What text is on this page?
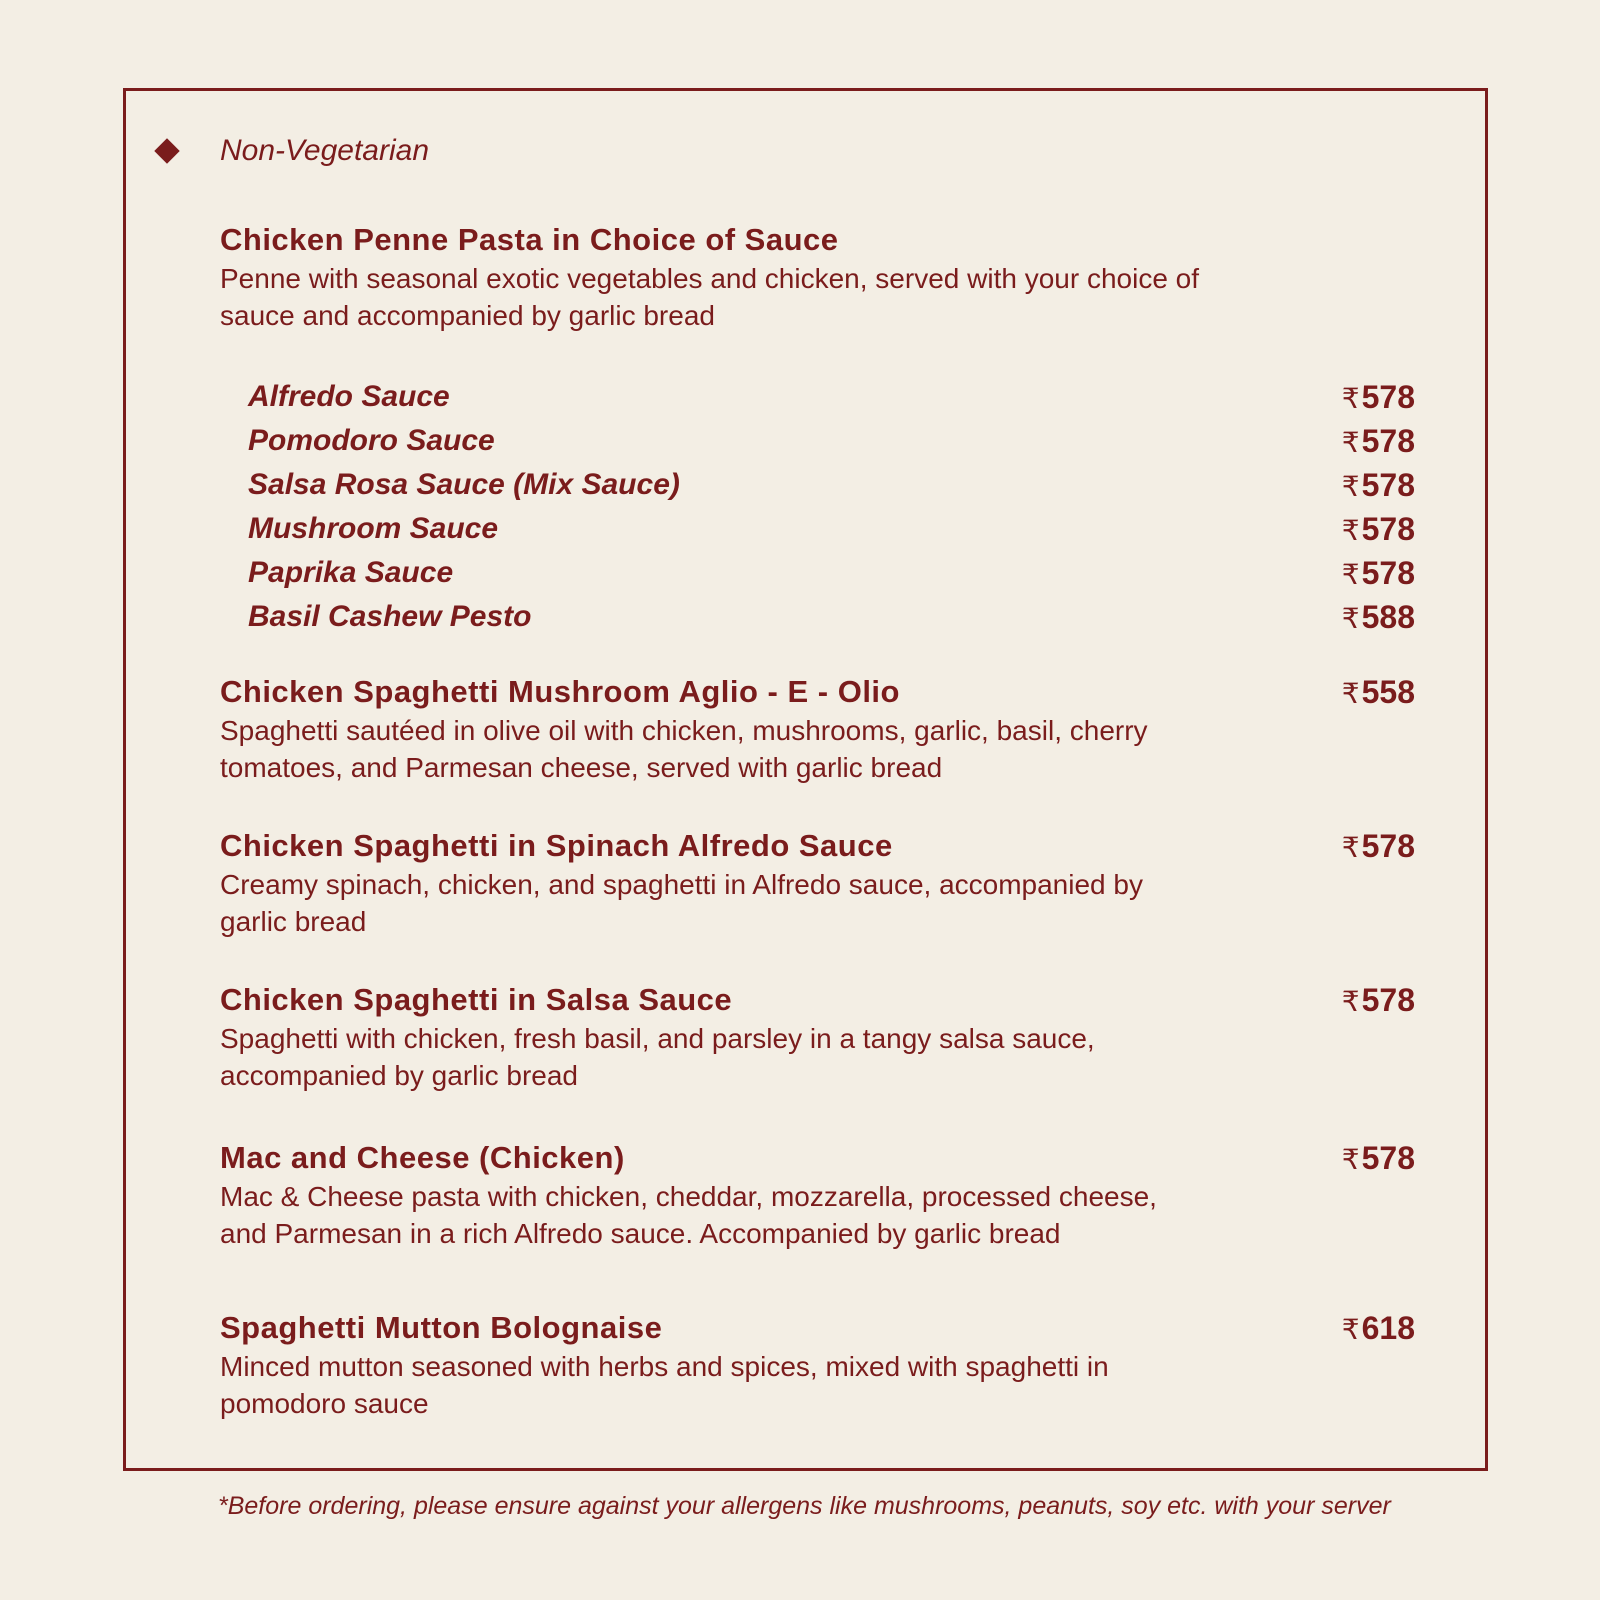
Non-Vegetarian
Chicken Penne Pasta in Choice of Sauce
Penne with seasonal exotic vegetables and chicken, served with your choice of sauce and accompanied by garlic bread
Alfredo Sauce	₹578
Pomodoro Sauce	₹578
Salsa Rosa Sauce (Mix Sauce)	₹578
Mushroom Sauce	₹578
Paprika Sauce	₹578
Basil Cashew Pesto	₹588
Chicken Spaghetti Mushroom Aglio - E - Olio
Spaghetti sautéed in olive oil with chicken, mushrooms, garlic, basil, cherry tomatoes, and Parmesan cheese, served with garlic bread
₹558
Chicken Spaghetti in Spinach Alfredo Sauce
Creamy spinach, chicken, and spaghetti in Alfredo sauce, accompanied by garlic bread
₹578
Chicken Spaghetti in Salsa Sauce
Spaghetti with chicken, fresh basil, and parsley in a tangy salsa sauce, accompanied by garlic bread
₹578
Mac and Cheese (Chicken)
Mac & Cheese pasta with chicken, cheddar, mozzarella, processed cheese, and Parmesan in a rich Alfredo sauce. Accompanied by garlic bread
₹578
Spaghetti Mutton Bolognaise
Minced mutton seasoned with herbs and spices, mixed with spaghetti in pomodoro sauce
₹618
*Before ordering, please ensure against your allergens like mushrooms, peanuts, soy etc. with your server
